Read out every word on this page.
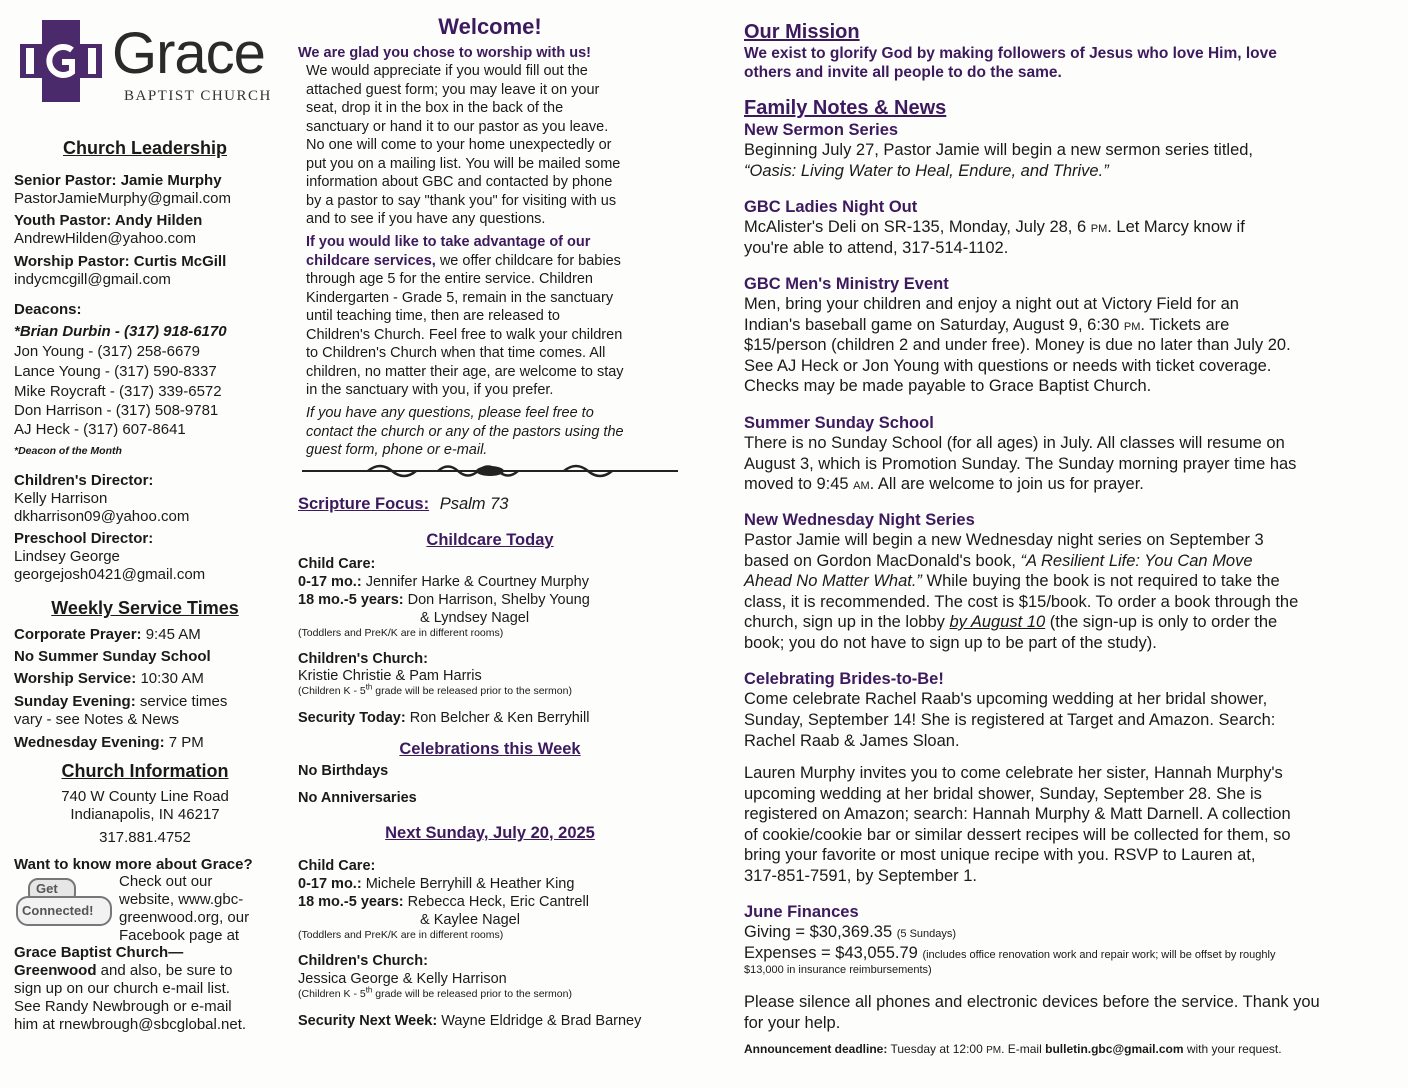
Grace
BAPTIST CHURCH
Church Leadership
Senior Pastor: Jamie Murphy
PastorJamieMurphy@gmail.com
Youth Pastor: Andy Hilden
AndrewHilden@yahoo.com
Worship Pastor: Curtis McGill
indycmcgill@gmail.com
Deacons:
*Brian Durbin - (317) 918-6170
Jon Young - (317) 258-6679
Lance Young - (317) 590-8337
Mike Roycraft - (317) 339-6572
Don Harrison - (317) 508-9781
AJ Heck - (317) 607-8641
*Deacon of the Month
Children's Director:
Kelly Harrison
dkharrison09@yahoo.com
Preschool Director:
Lindsey George
georgejosh0421@gmail.com
Weekly Service Times
Corporate Prayer: 9:45 AM
No Summer Sunday School
Worship Service: 10:30 AM
Sunday Evening: service times
vary - see Notes & News
Wednesday Evening: 7 PM
Church Information
740 W County Line Road
Indianapolis, IN 46217
317.881.4752
Want to know more about Grace?
Get
Connected!
Check out our
website, www.gbc-
greenwood.org, our
Facebook page at
Grace Baptist Church—
Greenwood and also, be sure to
sign up on our church e-mail list.
See Randy Newbrough or e-mail
him at rnewbrough@sbcglobal.net.
Welcome!
We are glad you chose to worship with us!
We would appreciate if you would fill out the
attached guest form; you may leave it on your
seat, drop it in the box in the back of the
sanctuary or hand it to our pastor as you leave.
No one will come to your home unexpectedly or
put you on a mailing list. You will be mailed some
information about GBC and contacted by phone
by a pastor to say "thank you" for visiting with us
and to see if you have any questions.
If you would like to take advantage of our
childcare services, we offer childcare for babies
through age 5 for the entire service. Children
Kindergarten - Grade 5, remain in the sanctuary
until teaching time, then are released to
Children's Church. Feel free to walk your children
to Children's Church when that time comes. All
children, no matter their age, are welcome to stay
in the sanctuary with you, if you prefer.
If you have any questions, please feel free to
contact the church or any of the pastors using the
guest form, phone or e-mail.
Scripture Focus: Psalm 73
Childcare Today
Child Care:
0-17 mo.: Jennifer Harke & Courtney Murphy
18 mo.-5 years: Don Harrison, Shelby Young
& Lyndsey Nagel
(Toddlers and PreK/K are in different rooms)
Children's Church:
Kristie Christie & Pam Harris
(Children K - 5th grade will be released prior to the sermon)
Security Today: Ron Belcher & Ken Berryhill
Celebrations this Week
No Birthdays
No Anniversaries
Next Sunday, July 20, 2025
Child Care:
0-17 mo.: Michele Berryhill & Heather King
18 mo.-5 years: Rebecca Heck, Eric Cantrell
& Kaylee Nagel
(Toddlers and PreK/K are in different rooms)
Children's Church:
Jessica George & Kelly Harrison
(Children K - 5th grade will be released prior to the sermon)
Security Next Week: Wayne Eldridge & Brad Barney
Our Mission
We exist to glorify God by making followers of Jesus who love Him, love
others and invite all people to do the same.
Family Notes & News
New Sermon Series
Beginning July 27, Pastor Jamie will begin a new sermon series titled,
“Oasis: Living Water to Heal, Endure, and Thrive.”
GBC Ladies Night Out
McAlister's Deli on SR-135, Monday, July 28, 6 PM. Let Marcy know if
you're able to attend, 317-514-1102.
GBC Men's Ministry Event
Men, bring your children and enjoy a night out at Victory Field for an
Indian's baseball game on Saturday, August 9, 6:30 PM. Tickets are
$15/person (children 2 and under free). Money is due no later than July 20.
See AJ Heck or Jon Young with questions or needs with ticket coverage.
Checks may be made payable to Grace Baptist Church.
Summer Sunday School
There is no Sunday School (for all ages) in July. All classes will resume on
August 3, which is Promotion Sunday. The Sunday morning prayer time has
moved to 9:45 AM. All are welcome to join us for prayer.
New Wednesday Night Series
Pastor Jamie will begin a new Wednesday night series on September 3
based on Gordon MacDonald's book, “A Resilient Life: You Can Move
Ahead No Matter What.” While buying the book is not required to take the
class, it is recommended. The cost is $15/book. To order a book through the
church, sign up in the lobby by August 10 (the sign-up is only to order the
book; you do not have to sign up to be part of the study).
Celebrating Brides-to-Be!
Come celebrate Rachel Raab's upcoming wedding at her bridal shower,
Sunday, September 14! She is registered at Target and Amazon. Search:
Rachel Raab & James Sloan.
Lauren Murphy invites you to come celebrate her sister, Hannah Murphy's
upcoming wedding at her bridal shower, Sunday, September 28. She is
registered on Amazon; search: Hannah Murphy & Matt Darnell. A collection
of cookie/cookie bar or similar dessert recipes will be collected for them, so
bring your favorite or most unique recipe with you. RSVP to Lauren at,
317-851-7591, by September 1.
June Finances
Giving = $30,369.35 (5 Sundays)
Expenses = $43,055.79 (includes office renovation work and repair work; will be offset by roughly
$13,000 in insurance reimbursements)
Please silence all phones and electronic devices before the service. Thank you
for your help.
Announcement deadline: Tuesday at 12:00 PM. E-mail bulletin.gbc@gmail.com with your request.
